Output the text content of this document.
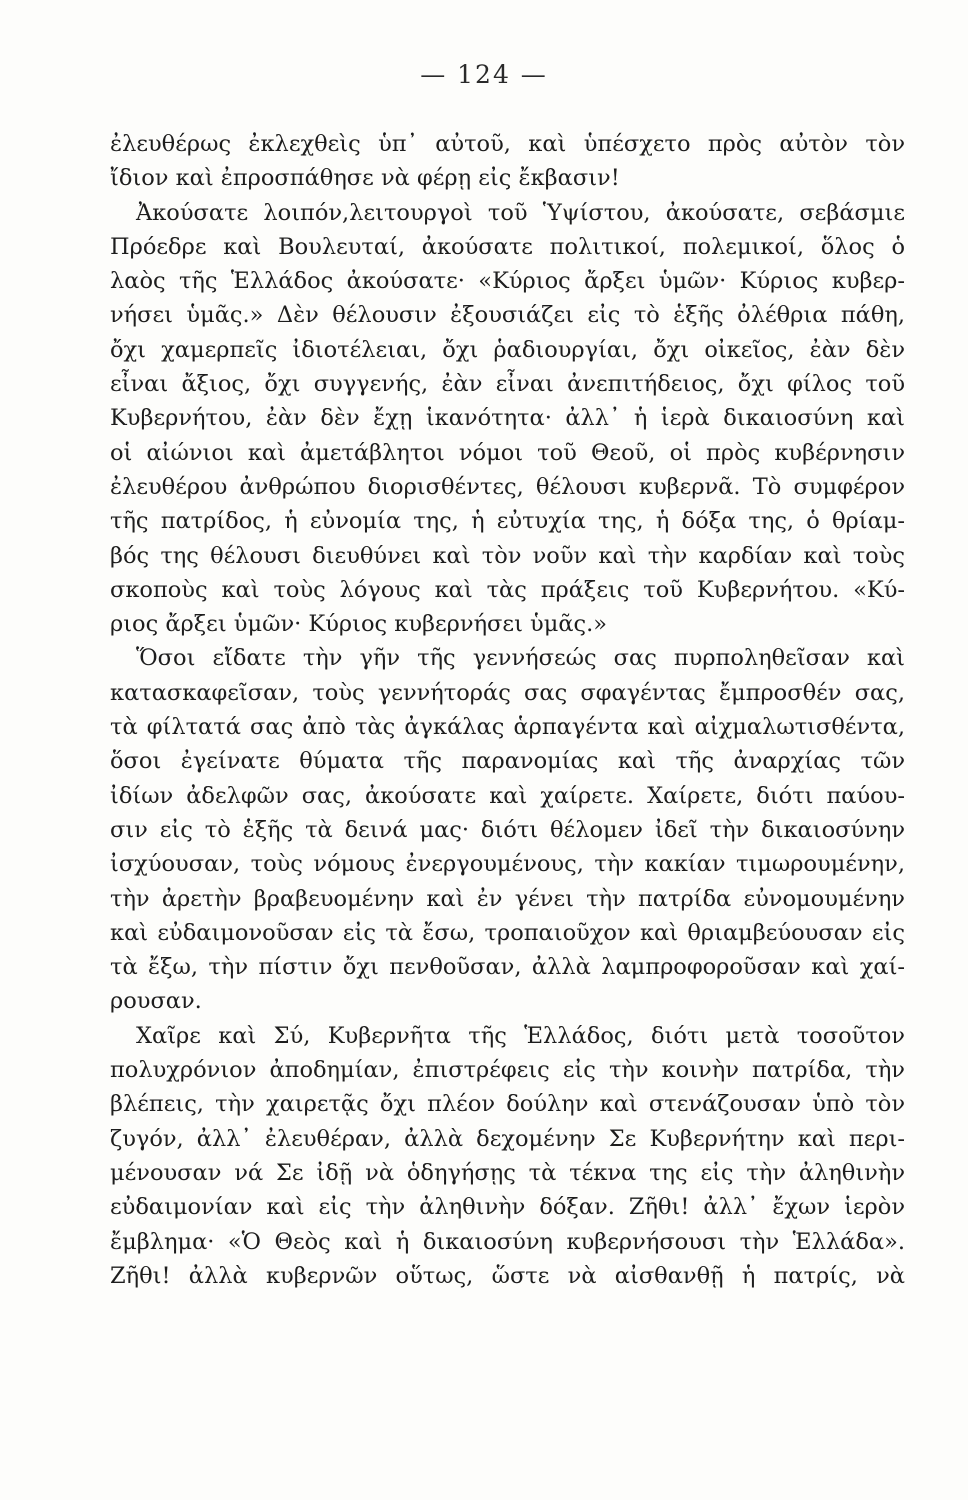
— 124 —
ἐλευθέρως ἐκλεχθεὶς ὑπ᾽ αὐτοῦ, καὶ ὑπέσχετο πρὸς αὐτὸν τὸν
ἴδιον καὶ ἐπροσπάθησε νὰ φέρῃ εἰς ἔκβασιν!
Ἀκούσατε λοιπόν,λειτουργοὶ τοῦ Ὑψίστου, ἀκούσατε, σεβάσμιε
Πρόεδρε καὶ Βουλευταί, ἀκούσατε πολιτικοί, πολεμικοί, ὅλος ὁ
λαὸς τῆς Ἑλλάδος ἀκούσατε· «Κύριος ἄρξει ὑμῶν· Κύριος κυβερ-
νήσει ὑμᾶς.» Δὲν θέλουσιν ἐξουσιάζει εἰς τὸ ἑξῆς ὀλέθρια πάθη,
ὄχι χαμερπεῖς ἰδιοτέλειαι, ὄχι ῥαδιουργίαι, ὄχι οἰκεῖος, ἐὰν δὲν
εἶναι ἄξιος, ὄχι συγγενής, ἐὰν εἶναι ἀνεπιτήδειος, ὄχι φίλος τοῦ
Κυβερνήτου, ἐὰν δὲν ἔχῃ ἱκανότητα· ἀλλ᾽ ἡ ἱερὰ δικαιοσύνη καὶ
οἱ αἰώνιοι καὶ ἀμετάβλητοι νόμοι τοῦ Θεοῦ, οἱ πρὸς κυβέρνησιν
ἐλευθέρου ἀνθρώπου διορισθέντες, θέλουσι κυβερνᾶ. Τὸ συμφέρον
τῆς πατρίδος, ἡ εὐνομία της, ἡ εὐτυχία της, ἡ δόξα της, ὁ θρίαμ-
βός της θέλουσι διευθύνει καὶ τὸν νοῦν καὶ τὴν καρδίαν καὶ τοὺς
σκοποὺς καὶ τοὺς λόγους καὶ τὰς πράξεις τοῦ Κυβερνήτου. «Κύ-
ριος ἄρξει ὑμῶν· Κύριος κυβερνήσει ὑμᾶς.»
Ὅσοι εἴδατε τὴν γῆν τῆς γεννήσεώς σας πυρποληθεῖσαν καὶ
κατασκαφεῖσαν, τοὺς γεννήτοράς σας σφαγέντας ἔμπροσθέν σας,
τὰ φίλτατά σας ἀπὸ τὰς ἀγκάλας ἁρπαγέντα καὶ αἰχμαλωτισθέντα,
ὅσοι ἐγείνατε θύματα τῆς παρανομίας καὶ τῆς ἀναρχίας τῶν
ἰδίων ἀδελφῶν σας, ἀκούσατε καὶ χαίρετε. Χαίρετε, διότι παύου-
σιν εἰς τὸ ἑξῆς τὰ δεινά μας· διότι θέλομεν ἰδεῖ τὴν δικαιοσύνην
ἰσχύουσαν, τοὺς νόμους ἐνεργουμένους, τὴν κακίαν τιμωρουμένην,
τὴν ἀρετὴν βραβευομένην καὶ ἐν γένει τὴν πατρίδα εὐνομουμένην
καὶ εὐδαιμονοῦσαν εἰς τὰ ἔσω, τροπαιοῦχον καὶ θριαμβεύουσαν εἰς
τὰ ἔξω, τὴν πίστιν ὄχι πενθοῦσαν, ἀλλὰ λαμπροφοροῦσαν καὶ χαί-
ρουσαν.
Χαῖρε καὶ Σύ, Κυβερνῆτα τῆς Ἑλλάδος, διότι μετὰ τοσοῦτον
πολυχρόνιον ἀποδημίαν, ἐπιστρέφεις εἰς τὴν κοινὴν πατρίδα, τὴν
βλέπεις, τὴν χαιρετᾷς ὄχι πλέον δούλην καὶ στενάζουσαν ὑπὸ τὸν
ζυγόν, ἀλλ᾽ ἐλευθέραν, ἀλλὰ δεχομένην Σε Κυβερνήτην καὶ περι-
μένουσαν νά Σε ἰδῇ νὰ ὁδηγήσῃς τὰ τέκνα της εἰς τὴν ἀληθινὴν
εὐδαιμονίαν καὶ εἰς τὴν ἀληθινὴν δόξαν. Ζῆθι! ἀλλ᾽ ἔχων ἱερὸν
ἔμβλημα· «Ὁ Θεὸς καὶ ἡ δικαιοσύνη κυβερνήσουσι τὴν Ἑλλάδα».
Ζῆθι! ἀλλὰ κυβερνῶν οὕτως, ὥστε νὰ αἰσθανθῇ ἡ πατρίς, νὰ
